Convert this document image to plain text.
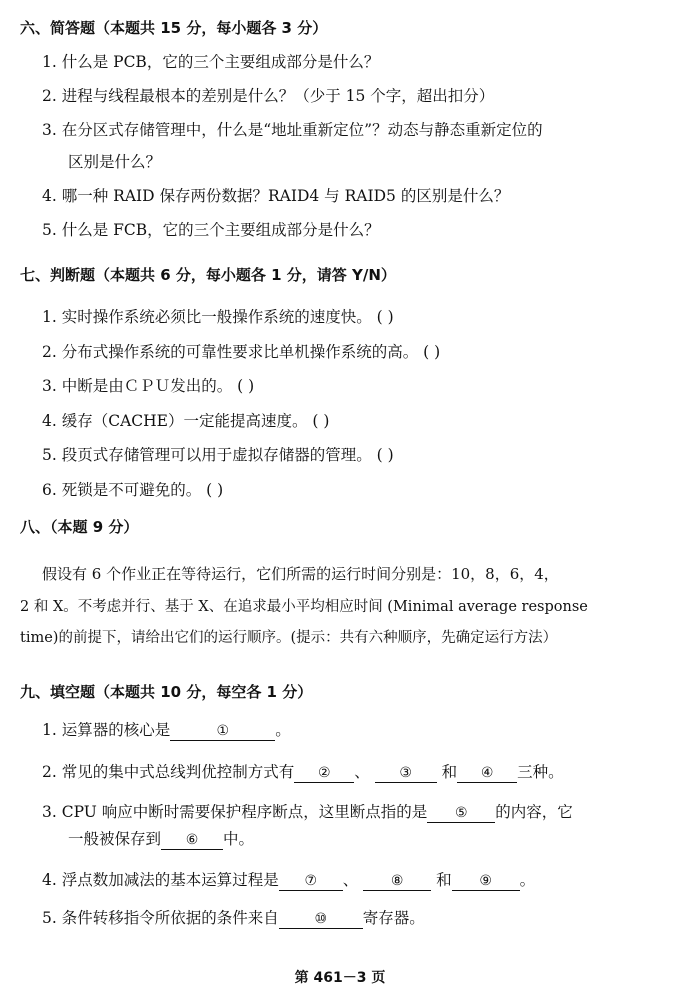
六、简答题（本题共 15 分，每小题各 3 分）
1. 什么是 PCB，它的三个主要组成部分是什么？
2. 进程与线程最根本的差别是什么？（少于 15 个字，超出扣分）
3. 在分区式存储管理中，什么是“地址重新定位”？动态与静态重新定位的
区别是什么？
4. 哪一种 RAID 保存两份数据？RAID4 与 RAID5 的区别是什么？
5. 什么是 FCB，它的三个主要组成部分是什么？
七、判断题（本题共 6 分，每小题各 1 分，请答 Y/N）
1. 实时操作系统必须比一般操作系统的速度快。 ( )
2. 分布式操作系统的可靠性要求比单机操作系统的高。 ( )
3. 中断是由ＣＰＵ发出的。 ( )
4. 缓存（CACHE）一定能提高速度。 ( )
5. 段页式存储管理可以用于虚拟存储器的管理。 ( )
6. 死锁是不可避免的。 ( )
八、（本题 9 分）
假设有 6 个作业正在等待运行，它们所需的运行时间分别是：10，8，6，4，
2 和 X。不考虑并行、基于 X、在追求最小平均相应时间 (Minimal average response
time)的前提下，请给出它们的运行顺序。(提示：共有六种顺序，先确定运行方法）
九、填空题（本题共 10 分，每空各 1 分）
1. 运算器的核心是	①	。
2. 常见的集中式总线判优控制方式有 ② 、 ③ 和 ④ 三种。
3. CPU 响应中断时需要保护程序断点，这里断点指的是 ⑤ 的内容，它
一般被保存到 ⑥ 中。
4. 浮点数加减法的基本运算过程是 ⑦ 、 ⑧ 和 ⑨ 。
5. 条件转移指令所依据的条件来自	⑩ 寄存器。
第 461－3 页
